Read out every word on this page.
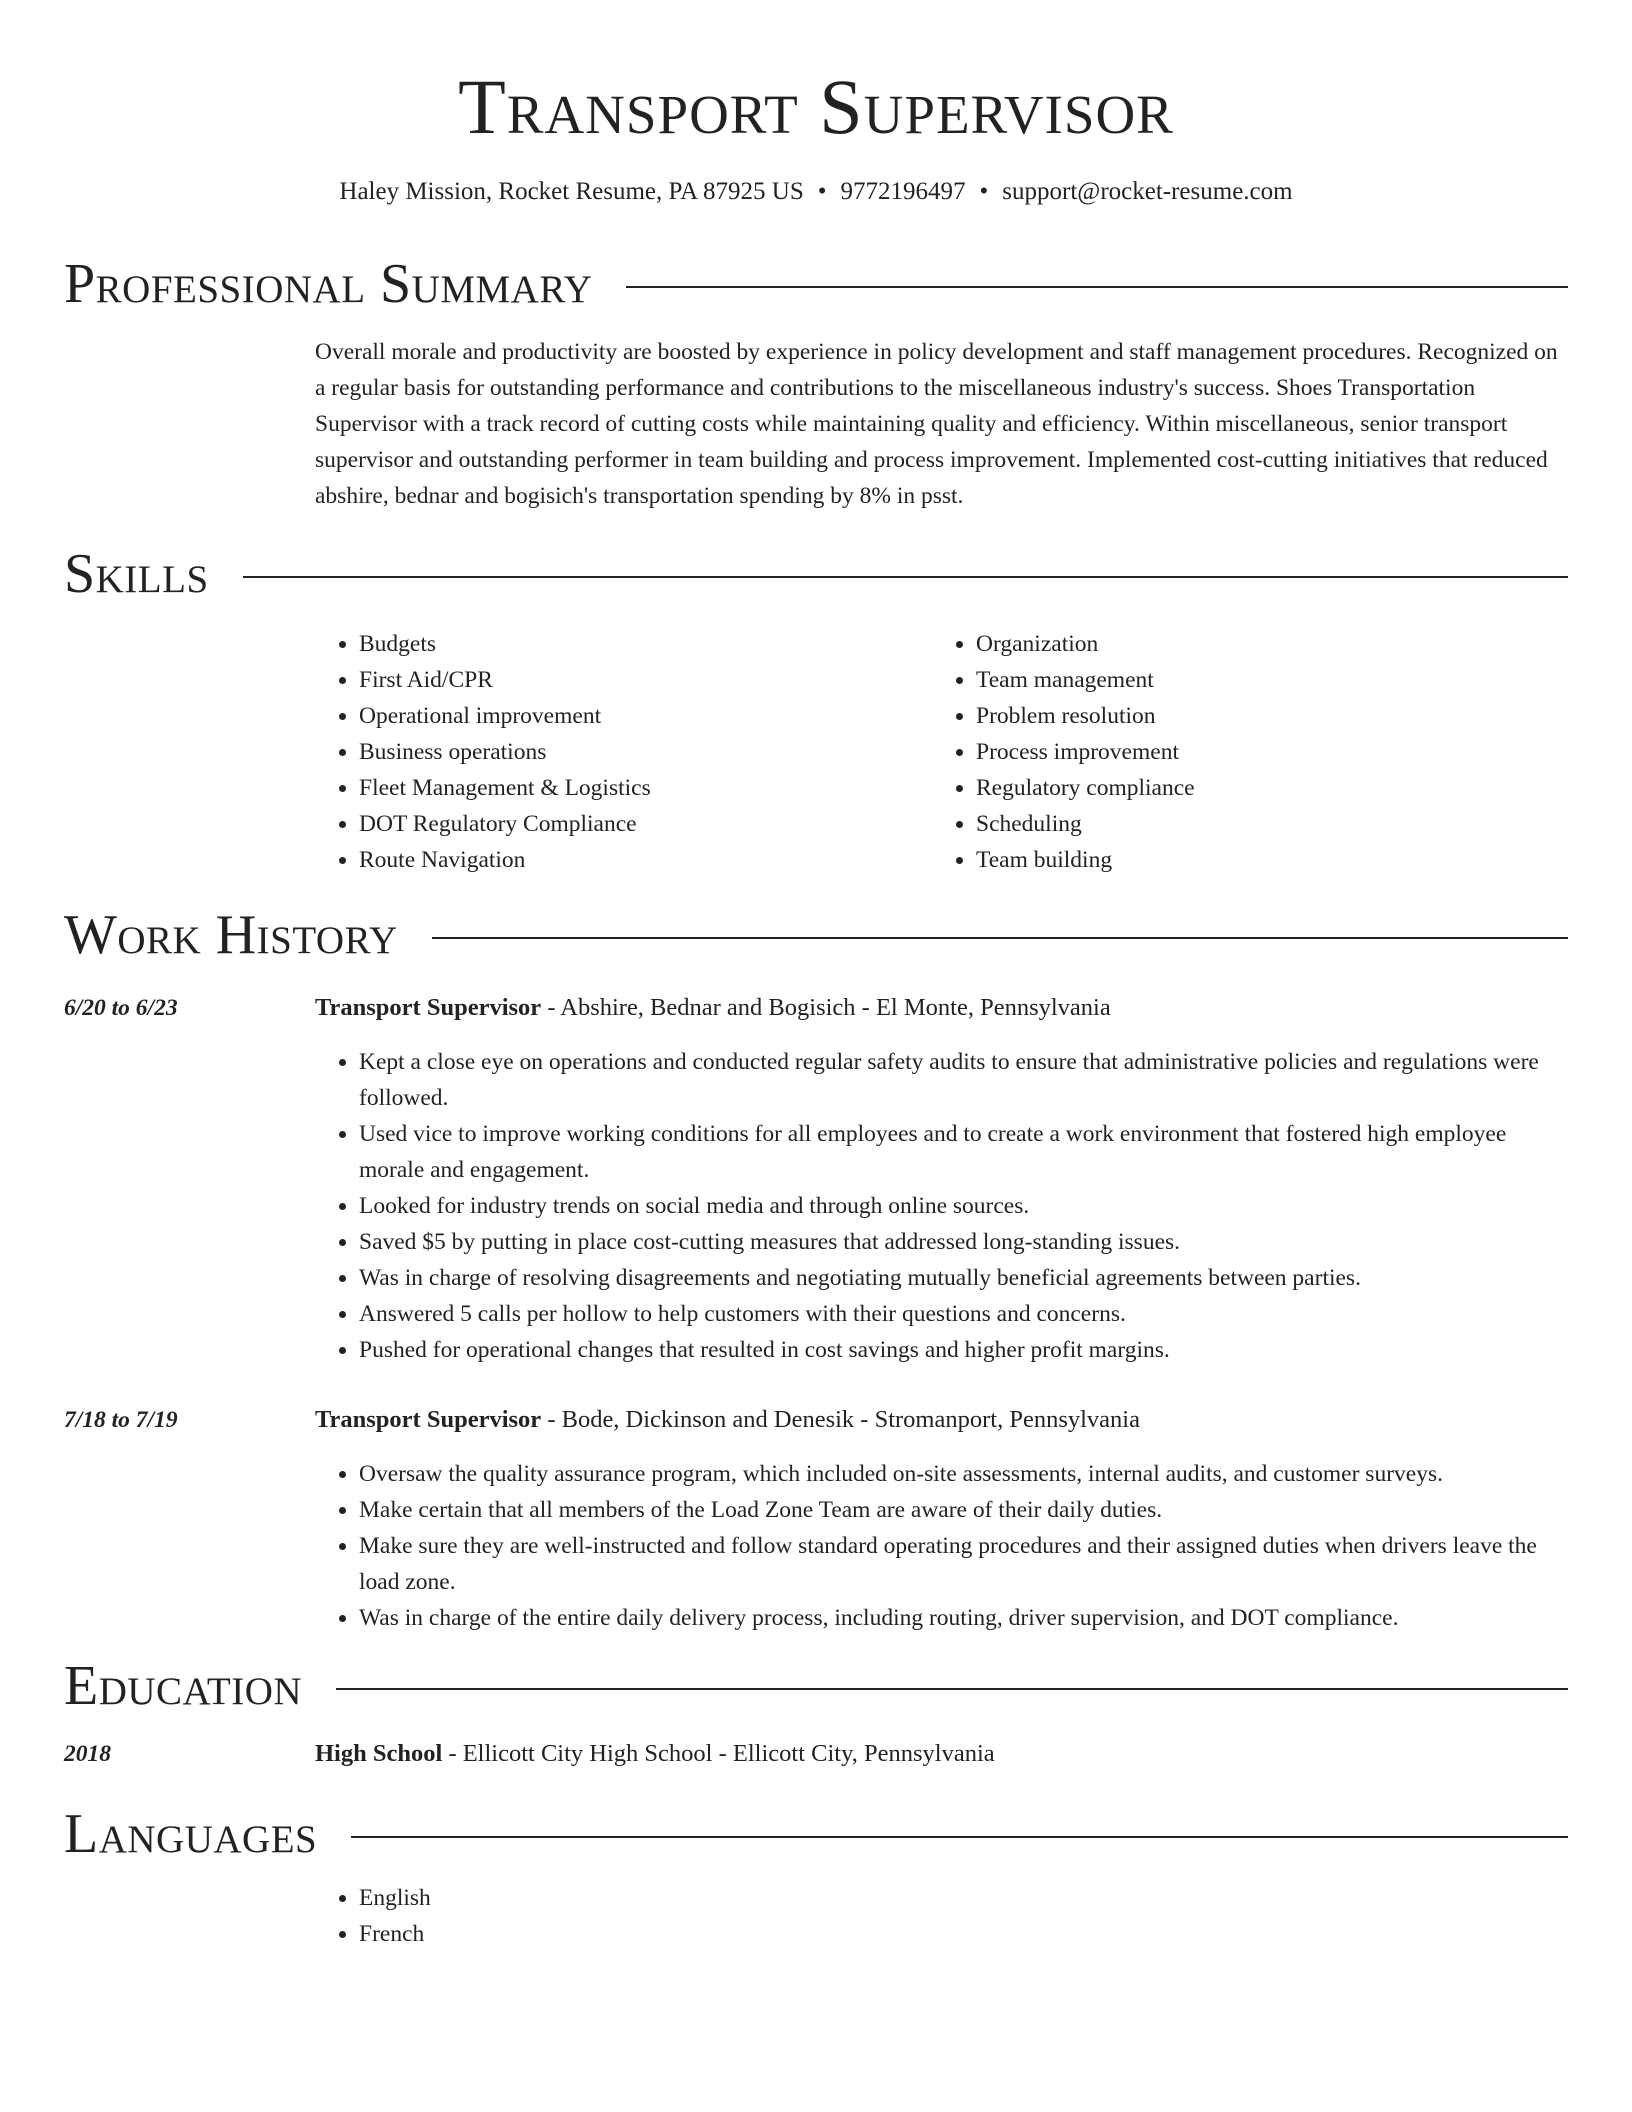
Transport Supervisor
Haley Mission, Rocket Resume, PA 87925 US • 9772196497 • support@rocket-resume.com
Professional Summary
Overall morale and productivity are boosted by experience in policy development and staff management procedures. Recognized on a regular basis for outstanding performance and contributions to the miscellaneous industry's success. Shoes Transportation Supervisor with a track record of cutting costs while maintaining quality and efficiency. Within miscellaneous, senior transport supervisor and outstanding performer in team building and process improvement. Implemented cost-cutting initiatives that reduced abshire, bednar and bogisich's transportation spending by 8% in psst.
Skills
• Budgets
• First Aid/CPR
• Operational improvement
• Business operations
• Fleet Management & Logistics
• DOT Regulatory Compliance
• Route Navigation
• Organization
• Team management
• Problem resolution
• Process improvement
• Regulatory compliance
• Scheduling
• Team building
Work History
6/20 to 6/23	Transport Supervisor - Abshire, Bednar and Bogisich - El Monte, Pennsylvania
• Kept a close eye on operations and conducted regular safety audits to ensure that administrative policies and regulations were followed.
• Used vice to improve working conditions for all employees and to create a work environment that fostered high employee morale and engagement.
• Looked for industry trends on social media and through online sources.
• Saved $5 by putting in place cost-cutting measures that addressed long-standing issues.
• Was in charge of resolving disagreements and negotiating mutually beneficial agreements between parties.
• Answered 5 calls per hollow to help customers with their questions and concerns.
• Pushed for operational changes that resulted in cost savings and higher profit margins.
7/18 to 7/19	Transport Supervisor - Bode, Dickinson and Denesik - Stromanport, Pennsylvania
• Oversaw the quality assurance program, which included on-site assessments, internal audits, and customer surveys.
• Make certain that all members of the Load Zone Team are aware of their daily duties.
• Make sure they are well-instructed and follow standard operating procedures and their assigned duties when drivers leave the load zone.
• Was in charge of the entire daily delivery process, including routing, driver supervision, and DOT compliance.
Education
2018	High School - Ellicott City High School - Ellicott City, Pennsylvania
Languages
• English
• French
